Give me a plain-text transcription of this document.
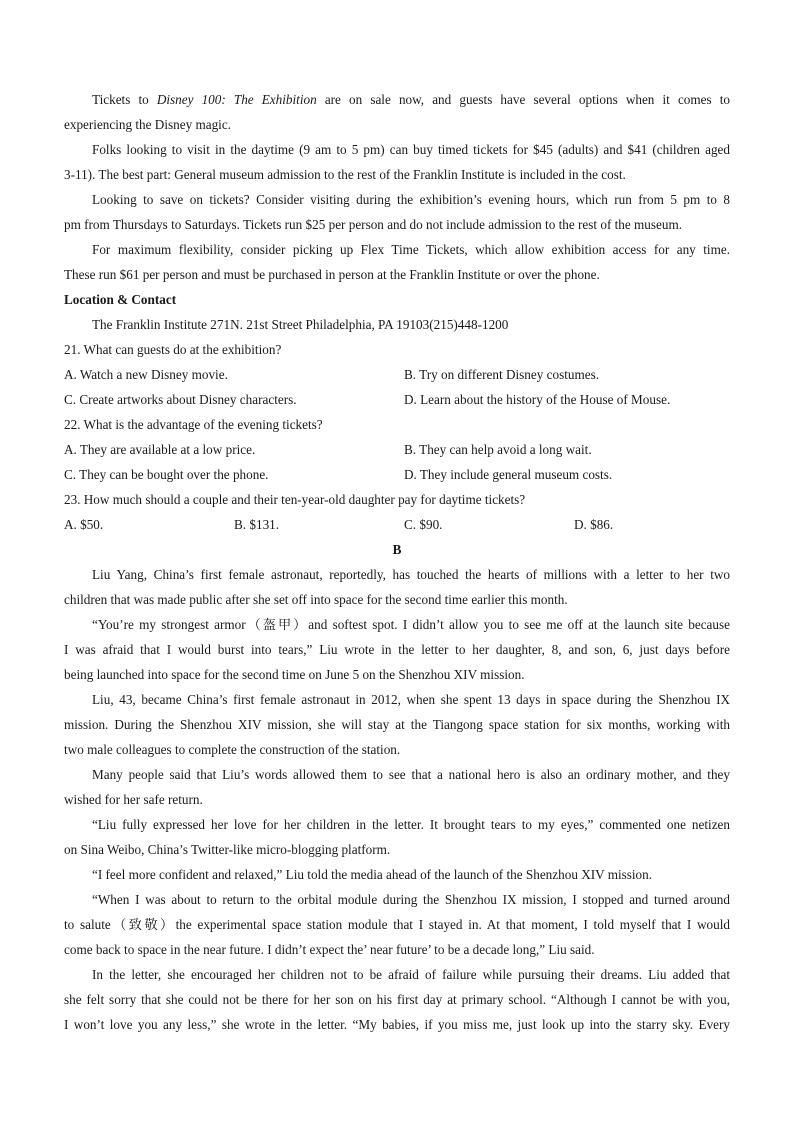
Tickets to Disney 100: The Exhibition are on sale now, and guests have several options when it comes to
experiencing the Disney magic.
Folks looking to visit in the daytime (9 am to 5 pm) can buy timed tickets for $45 (adults) and $41 (children aged
3-11). The best part: General museum admission to the rest of the Franklin Institute is included in the cost.
Looking to save on tickets? Consider visiting during the exhibition’s evening hours, which run from 5 pm to 8
pm from Thursdays to Saturdays. Tickets run $25 per person and do not include admission to the rest of the museum.
For maximum flexibility, consider picking up Flex Time Tickets, which allow exhibition access for any time.
These run $61 per person and must be purchased in person at the Franklin Institute or over the phone.
Location & Contact
The Franklin Institute 271N. 21st Street Philadelphia, PA 19103(215)448-1200
21. What can guests do at the exhibition?
A. Watch a new Disney movie.	B. Try on different Disney costumes.
C. Create artworks about Disney characters.	D. Learn about the history of the House of Mouse.
22. What is the advantage of the evening tickets?
A. They are available at a low price.	B. They can help avoid a long wait.
C. They can be bought over the phone.	D. They include general museum costs.
23. How much should a couple and their ten-year-old daughter pay for daytime tickets?
A. $50.	B. $131.	C. $90.	D. $86.
B
Liu Yang, China’s first female astronaut, reportedly, has touched the hearts of millions with a letter to her two
children that was made public after she set off into space for the second time earlier this month.
“You’re my strongest armor（盔甲）and softest spot. I didn’t allow you to see me off at the launch site because
I was afraid that I would burst into tears,” Liu wrote in the letter to her daughter, 8, and son, 6, just days before
being launched into space for the second time on June 5 on the Shenzhou XIV mission.
Liu, 43, became China’s first female astronaut in 2012, when she spent 13 days in space during the Shenzhou IX
mission. During the Shenzhou XIV mission, she will stay at the Tiangong space station for six months, working with
two male colleagues to complete the construction of the station.
Many people said that Liu’s words allowed them to see that a national hero is also an ordinary mother, and they
wished for her safe return.
“Liu fully expressed her love for her children in the letter. It brought tears to my eyes,” commented one netizen
on Sina Weibo, China’s Twitter-like micro-blogging platform.
“I feel more confident and relaxed,” Liu told the media ahead of the launch of the Shenzhou XIV mission.
“When I was about to return to the orbital module during the Shenzhou IX mission, I stopped and turned around
to salute（致敬）the experimental space station module that I stayed in. At that moment, I told myself that I would
come back to space in the near future. I didn’t expect the’ near future’ to be a decade long,” Liu said.
In the letter, she encouraged her children not to be afraid of failure while pursuing their dreams. Liu added that
she felt sorry that she could not be there for her son on his first day at primary school. “Although I cannot be with you,
I won’t love you any less,” she wrote in the letter. “My babies, if you miss me, just look up into the starry sky. Every
